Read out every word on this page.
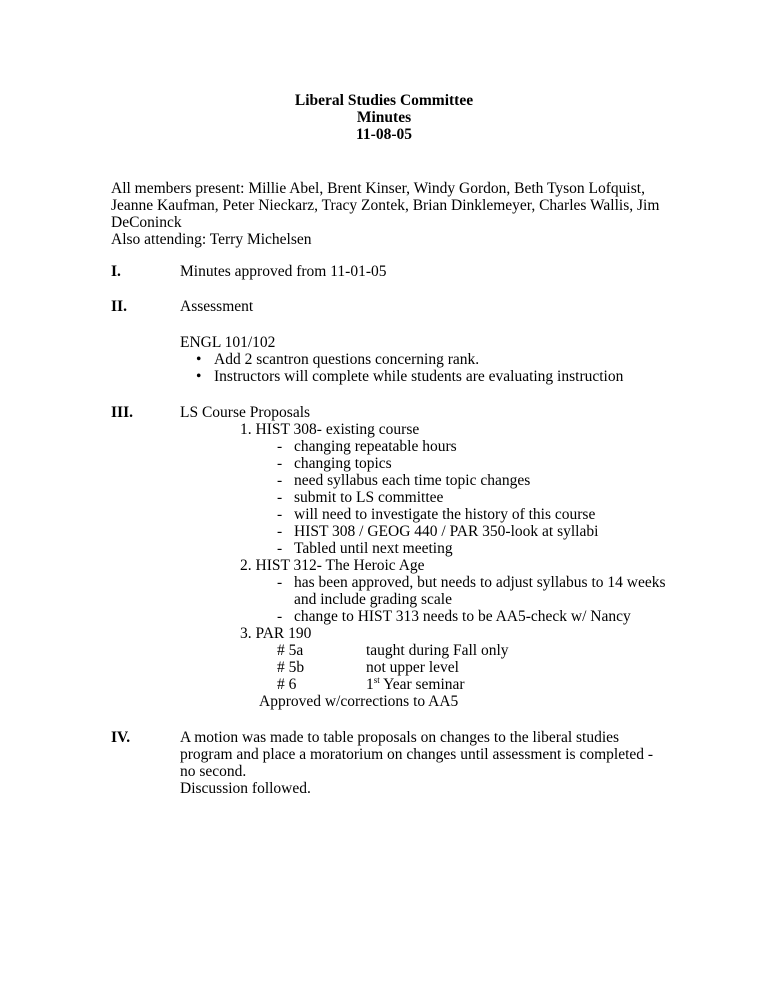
Liberal Studies Committee
Minutes
11-08-05
All members present: Millie Abel, Brent Kinser, Windy Gordon, Beth Tyson Lofquist,
Jeanne Kaufman, Peter Nieckarz, Tracy Zontek, Brian Dinklemeyer, Charles Wallis, Jim
DeConinck
Also attending: Terry Michelsen
I.	Minutes approved from 11-01-05
II.	Assessment
ENGL 101/102
• Add 2 scantron questions concerning rank.
• Instructors will complete while students are evaluating instruction
III.	LS Course Proposals
1. HIST 308- existing course
- changing repeatable hours
- changing topics
- need syllabus each time topic changes
- submit to LS committee
- will need to investigate the history of this course
- HIST 308 / GEOG 440 / PAR 350-look at syllabi
- Tabled until next meeting
2. HIST 312- The Heroic Age
- has been approved, but needs to adjust syllabus to 14 weeks
and include grading scale
- change to HIST 313 needs to be AA5-check w/ Nancy
3. PAR 190
# 5a	taught during Fall only
# 5b	not upper level
# 6	1st Year seminar
Approved w/corrections to AA5
IV.	A motion was made to table proposals on changes to the liberal studies
program and place a moratorium on changes until assessment is completed -
no second.
Discussion followed.
